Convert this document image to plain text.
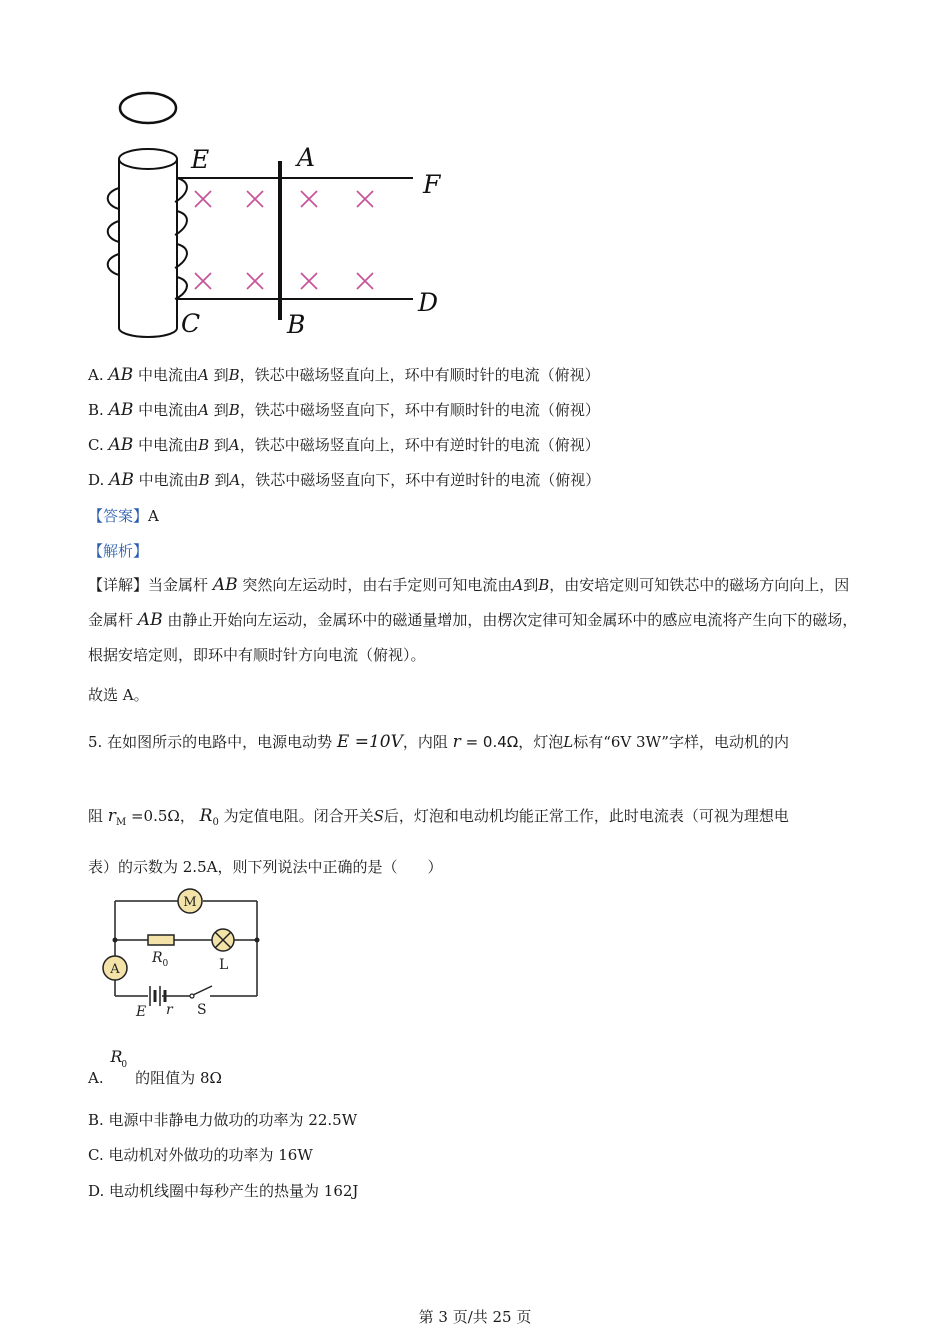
E	A
F
C	B
D
A. AB 中电流由A 到B，铁芯中磁场竖直向上，环中有顺时针的电流（俯视）
B. AB 中电流由A 到B，铁芯中磁场竖直向下，环中有顺时针的电流（俯视）
C. AB 中电流由B 到A，铁芯中磁场竖直向上，环中有逆时针的电流（俯视）
D. AB 中电流由B 到A，铁芯中磁场竖直向下，环中有逆时针的电流（俯视）
【答案】A
【解析】
【详解】当金属杆 AB 突然向左运动时，由右手定则可知电流由A到B，由安培定则可知铁芯中的磁场方向向上，因金属杆 AB 由静止开始向左运动，金属环中的磁通量增加，由楞次定律可知金属环中的感应电流将产生向下的磁场，根据安培定则，即环中有顺时针方向电流（俯视）。
故选 A。
5. 在如图所示的电路中，电源电动势 E =10V，内阻 r = 0.4Ω，灯泡L标有“6V 3W”字样，电动机的内
阻 $r_M =0.5\Omega$， $R_0$ 为定值电阻。闭合开关S后，灯泡和电动机均能正常工作，此时电流表（可视为理想电
表）的示数为 2.5A，则下列说法中正确的是（　　）
M
$R_0$	L
A
E r S
A.
R
0
的阻值为 8Ω
B. 电源中非静电力做功的功率为 22.5W
C. 电动机对外做功的功率为 16W
D. 电动机线圈中每秒产生的热量为 162J
第 3 页/共 25 页
